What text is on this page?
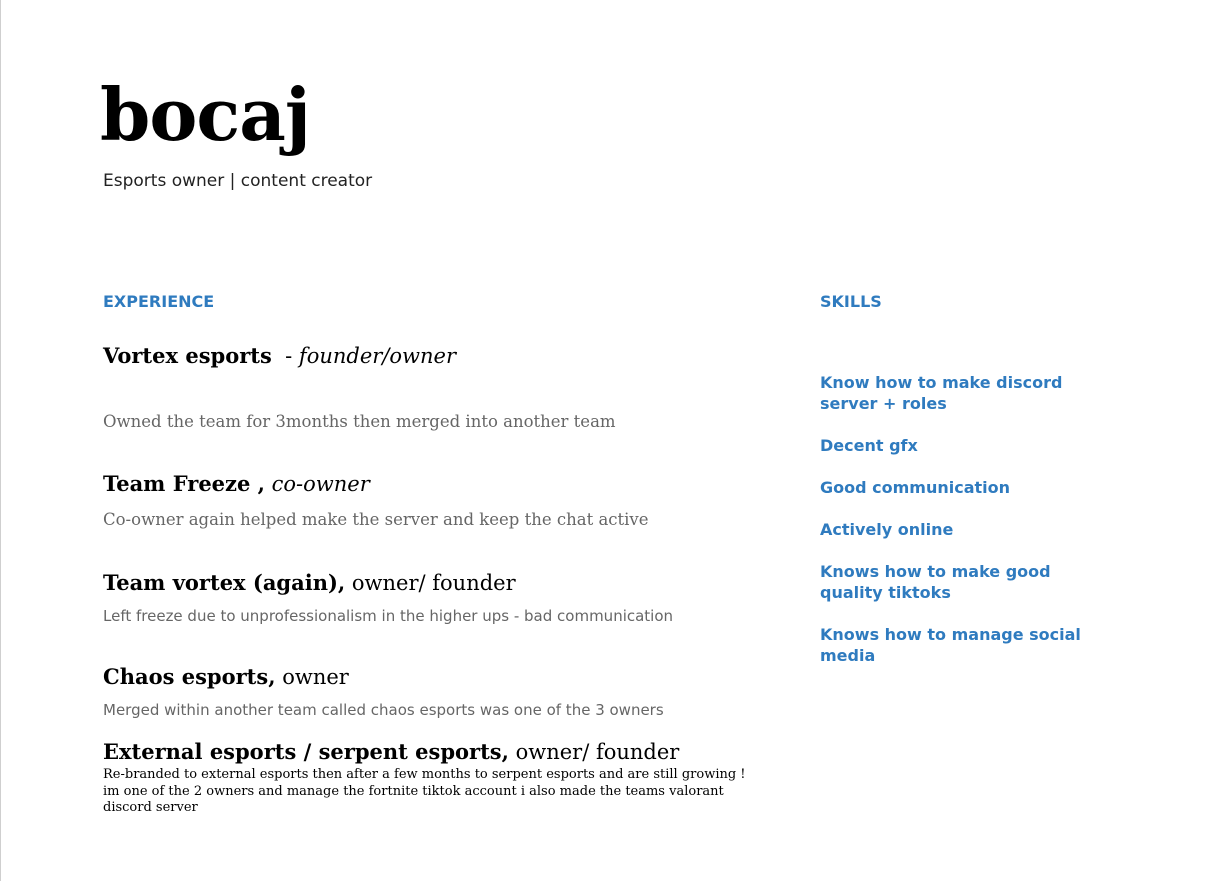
bocaj
Esports owner | content creator
EXPERIENCE	SKILLS
Vortex esports  - founder/owner
Owned the team for 3months then merged into another team
Team Freeze , co-owner
Co-owner again helped make the server and keep the chat active
Team vortex (again), owner/ founder
Left freeze due to unprofessionalism in the higher ups - bad communication
Chaos esports, owner
Merged within another team called chaos esports was one of the 3 owners
External esports / serpent esports, owner/ founder
Re-branded to external esports then after a few months to serpent esports and are still growing ! im one of the 2 owners and manage the fortnite tiktok account i also made the teams valorant discord server
Know how to make discord server + roles
Decent gfx
Good communication
Actively online
Knows how to make good quality tiktoks
Knows how to manage social media
